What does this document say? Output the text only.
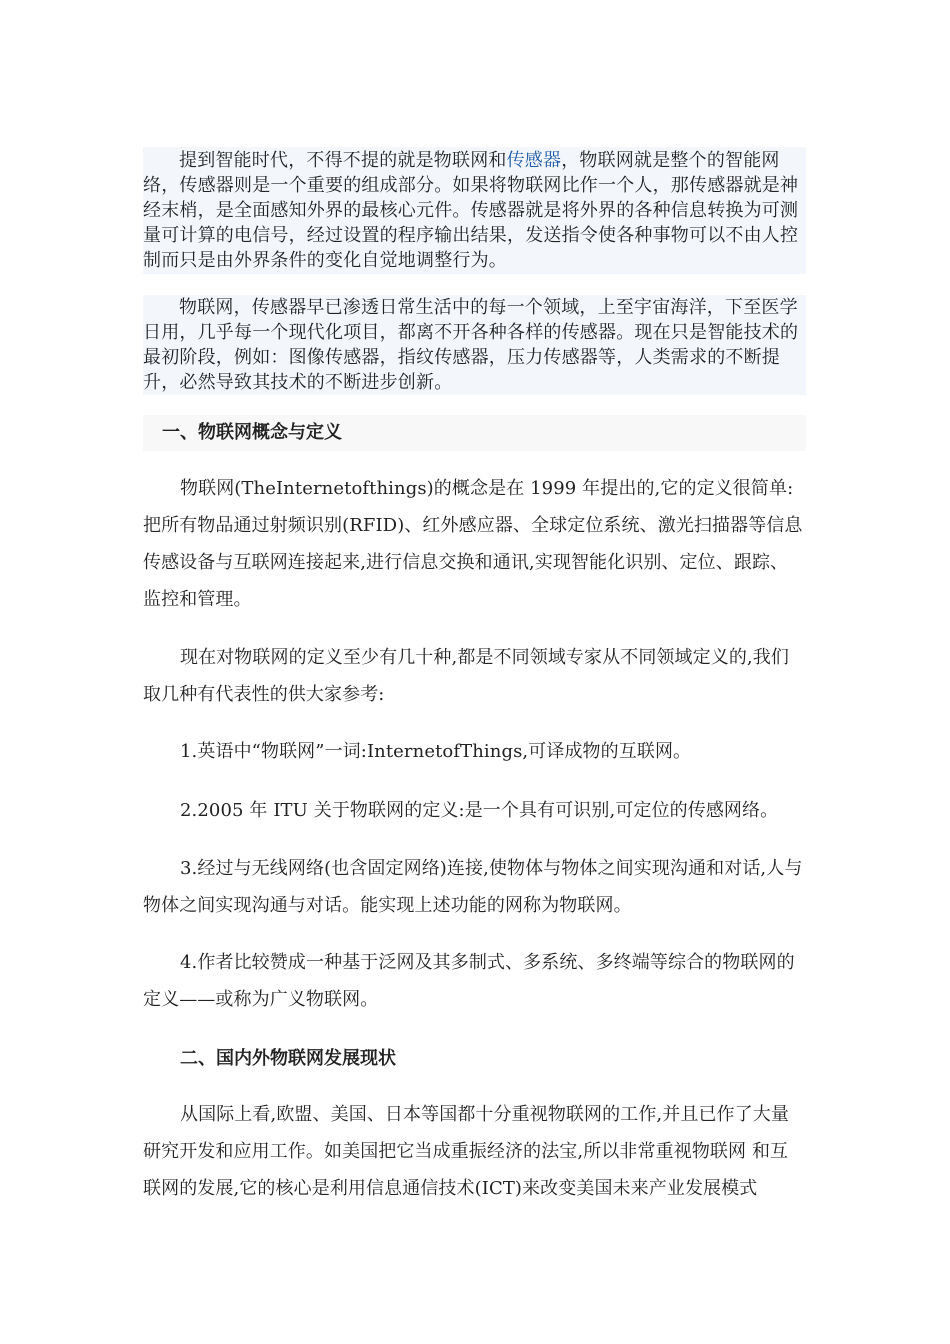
提到智能时代，不得不提的就是物联网和传感器，物联网就是整个的智能网络，传感器则是一个重要的组成部分。如果将物联网比作一个人，那传感器就是神经末梢，是全面感知外界的最核心元件。传感器就是将外界的各种信息转换为可测量可计算的电信号，经过设置的程序输出结果，发送指令使各种事物可以不由人控制而只是由外界条件的变化自觉地调整行为。

物联网，传感器早已渗透日常生活中的每一个领域，上至宇宙海洋，下至医学日用，几乎每一个现代化项目，都离不开各种各样的传感器。现在只是智能技术的最初阶段，例如：图像传感器，指纹传感器，压力传感器等，人类需求的不断提升，必然导致其技术的不断进步创新。

一、物联网概念与定义

物联网(TheInternetofthings)的概念是在 1999 年提出的,它的定义很简单:把所有物品通过射频识别(RFID)、红外感应器、全球定位系统、激光扫描器等信息传感设备与互联网连接起来,进行信息交换和通讯,实现智能化识别、定位、跟踪、监控和管理。

现在对物联网的定义至少有几十种,都是不同领域专家从不同领域定义的,我们取几种有代表性的供大家参考:

1.英语中“物联网”一词:InternetofThings,可译成物的互联网。

2.2005 年 ITU 关于物联网的定义:是一个具有可识别,可定位的传感网络。

3.经过与无线网络(也含固定网络)连接,使物体与物体之间实现沟通和对话,人与物体之间实现沟通与对话。能实现上述功能的网称为物联网。

4.作者比较赞成一种基于泛网及其多制式、多系统、多终端等综合的物联网的定义——或称为广义物联网。

二、国内外物联网发展现状

从国际上看,欧盟、美国、日本等国都十分重视物联网的工作,并且已作了大量研究开发和应用工作。如美国把它当成重振经济的法宝,所以非常重视物联网 和互联网的发展,它的核心是利用信息通信技术(ICT)来改变美国未来产业发展模式
